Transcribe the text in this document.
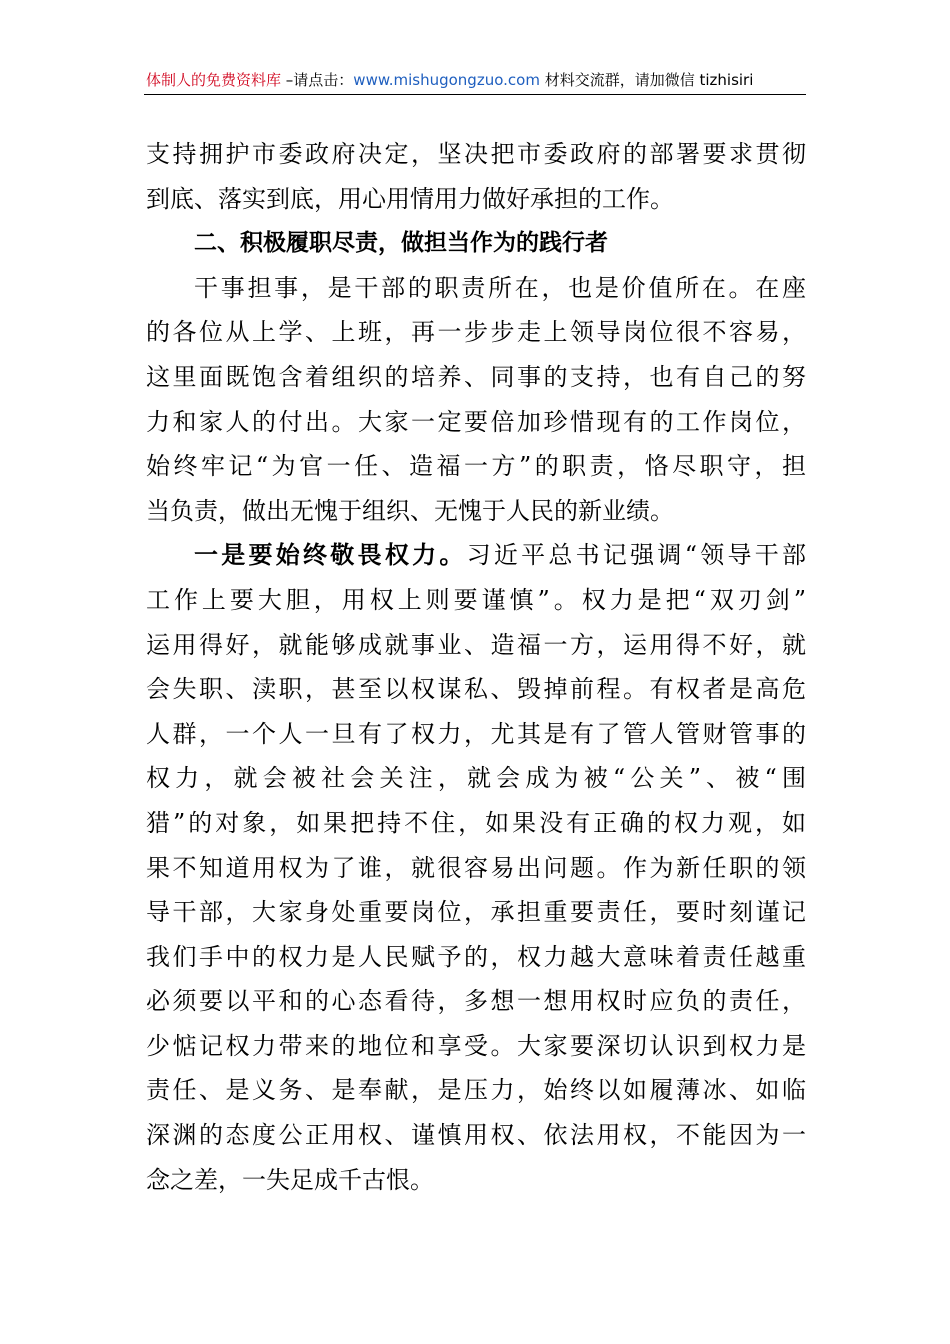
体制人的免费资料库 –请点击：www.mishugongzuo.com 材料交流群，请加微信 tizhisiri
支持拥护市委政府决定，坚决把市委政府的部署要求贯彻
到底、落实到底，用心用情用力做好承担的工作。
二、积极履职尽责，做担当作为的践行者
干事担事，是干部的职责所在，也是价值所在。在座
的各位从上学、上班，再一步步走上领导岗位很不容易，
这里面既饱含着组织的培养、同事的支持，也有自己的努
力和家人的付出。大家一定要倍加珍惜现有的工作岗位，
始终牢记“为官一任、造福一方”的职责，恪尽职守，担
当负责，做出无愧于组织、无愧于人民的新业绩。
一是要始终敬畏权力。习近平总书记强调“领导干部
工作上要大胆，用权上则要谨慎”。权力是把“双刃剑”
运用得好，就能够成就事业、造福一方，运用得不好，就
会失职、渎职，甚至以权谋私、毁掉前程。有权者是高危
人群，一个人一旦有了权力，尤其是有了管人管财管事的
权力，就会被社会关注，就会成为被“公关”、被“围
猎”的对象，如果把持不住，如果没有正确的权力观，如
果不知道用权为了谁，就很容易出问题。作为新任职的领
导干部，大家身处重要岗位，承担重要责任，要时刻谨记
我们手中的权力是人民赋予的，权力越大意味着责任越重
必须要以平和的心态看待，多想一想用权时应负的责任，
少惦记权力带来的地位和享受。大家要深切认识到权力是
责任、是义务、是奉献，是压力，始终以如履薄冰、如临
深渊的态度公正用权、谨慎用权、依法用权，不能因为一
念之差，一失足成千古恨。
